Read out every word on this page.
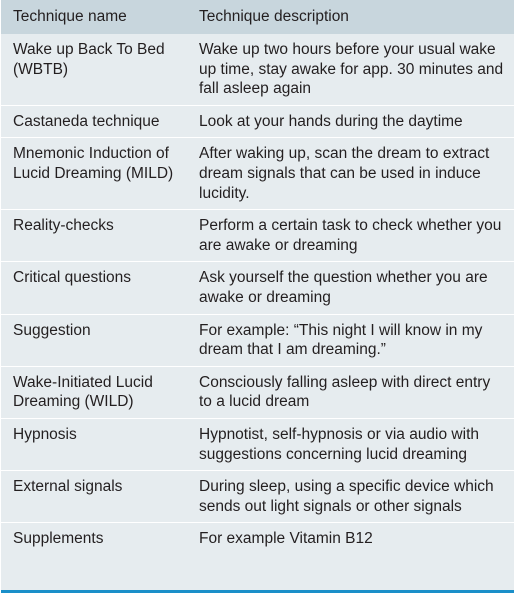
Technique name	Technique description
Wake up Back To Bed (WBTB)	Wake up two hours before your usual wake up time, stay awake for app. 30 minutes and fall asleep again
Castaneda technique	Look at your hands during the daytime
Mnemonic Induction of Lucid Dreaming (MILD)	After waking up, scan the dream to extract dream signals that can be used in induce lucidity.
Reality-checks	Perform a certain task to check whether you are awake or dreaming
Critical questions	Ask yourself the question whether you are awake or dreaming
Suggestion	For example: “This night I will know in my dream that I am dreaming.”
Wake-Initiated Lucid Dreaming (WILD)	Consciously falling asleep with direct entry to a lucid dream
Hypnosis	Hypnotist, self-hypnosis or via audio with suggestions concerning lucid dreaming
External signals	During sleep, using a specific device which sends out light signals or other signals
Supplements	For example Vitamin B12
